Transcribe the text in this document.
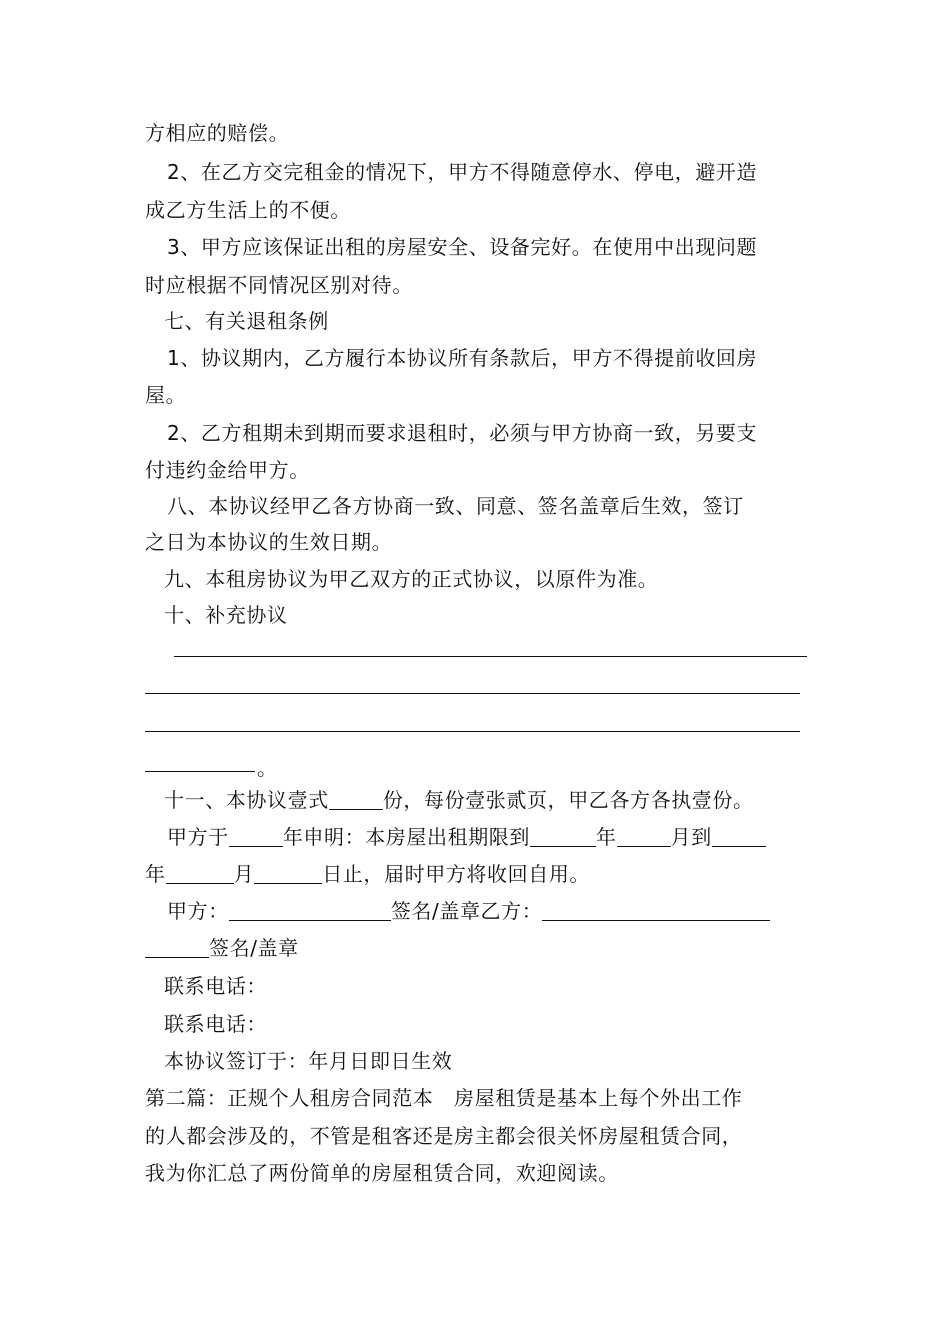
方相应的赔偿。
2、在乙方交完租金的情况下，甲方不得随意停水、停电，避开造
成乙方生活上的不便。
3、甲方应该保证出租的房屋安全、设备完好。在使用中出现问题
时应根据不同情况区别对待。
七、有关退租条例
1、协议期内，乙方履行本协议所有条款后，甲方不得提前收回房
屋。
2、乙方租期未到期而要求退租时，必须与甲方协商一致，另要支
付违约金给甲方。
八、本协议经甲乙各方协商一致、同意、签名盖章后生效，签订
之日为本协议的生效日期。
九、本租房协议为甲乙双方的正式协议，以原件为准。
十、补充协议
。
十一、本协议壹式	份，每份壹张贰页，甲乙各方各执壹份。
甲方于	年申明：本房屋出租期限到	年	月到
年	月	日止，届时甲方将收回自用。
甲方：	签名/盖章乙方：
签名/盖章
联系电话：
联系电话：
本协议签订于：年月日即日生效
第二篇：正规个人租房合同范本　房屋租赁是基本上每个外出工作
的人都会涉及的，不管是租客还是房主都会很关怀房屋租赁合同，
我为你汇总了两份简单的房屋租赁合同，欢迎阅读。
